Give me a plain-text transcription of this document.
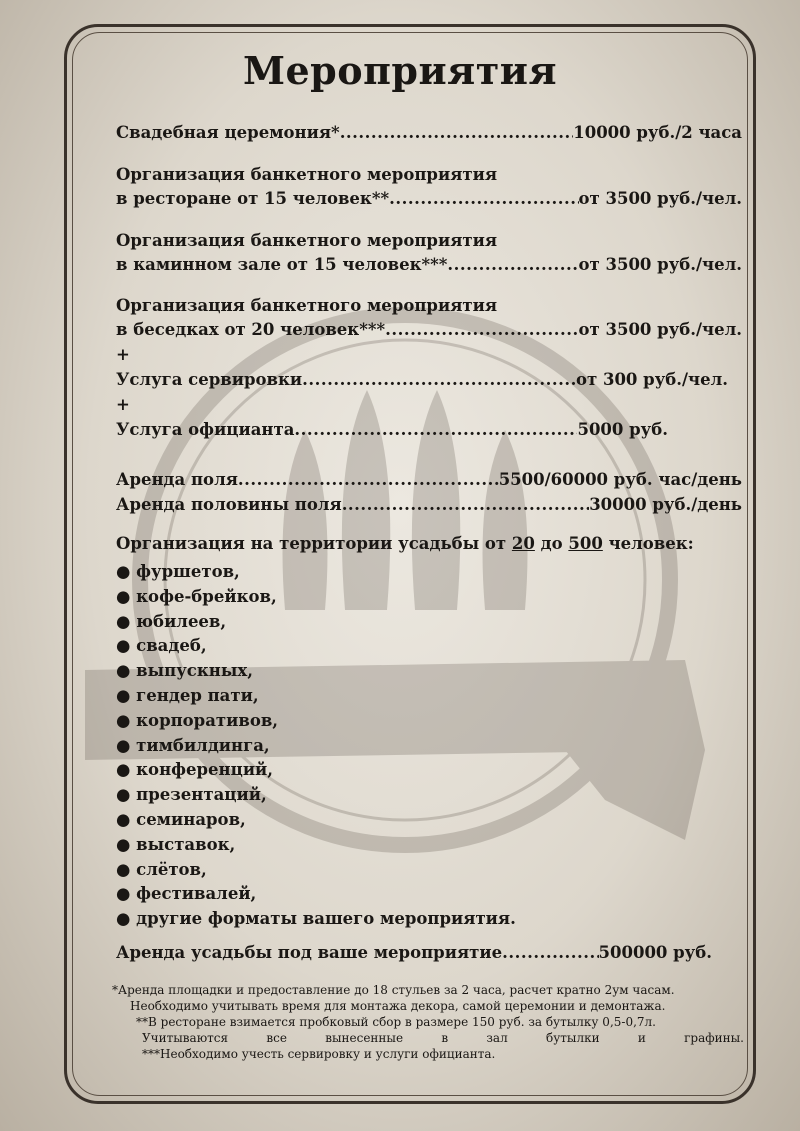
Мероприятия
Свадебная церемония* .....	10000 руб./2 часа
Организация банкетного мероприятия
в ресторане от 15 человек** .....	от 3500 руб./чел.
Организация банкетного мероприятия
в каминном зале от 15 человек*** .....	от 3500 руб./чел.
Организация банкетного мероприятия
в беседках от 20 человек*** .....	от 3500 руб./чел.
+
Услуга сервировки .....	от 300 руб./чел.
+
Услуга официанта .....	5000 руб.
Аренда поля .....	5500/60000 руб. час/день
Аренда половины поля .....	30000 руб./день
Организация на территории усадьбы от 20 до 500 человек:
● фуршетов,
● кофе-брейков,
● юбилеев,
● свадеб,
● выпускных,
● гендер пати,
● корпоративов,
● тимбилдинга,
● конференций,
● презентаций,
● семинаров,
● выставок,
● слётов,
● фестивалей,
● другие форматы вашего мероприятия.
Аренда усадьбы под ваше мероприятие .....	500000 руб.
*Аренда площадки и предоставление до 18 стульев за 2 часа, расчет кратно 2ум часам.
Необходимо учитывать время для монтажа декора, самой церемонии и демонтажа.
**В ресторане взимается пробковый сбор в размере 150 руб. за бутылку 0,5-0,7л.
Учитываются все вынесенные в зал бутылки и графины.
***Необходимо учесть сервировку и услуги официанта.
